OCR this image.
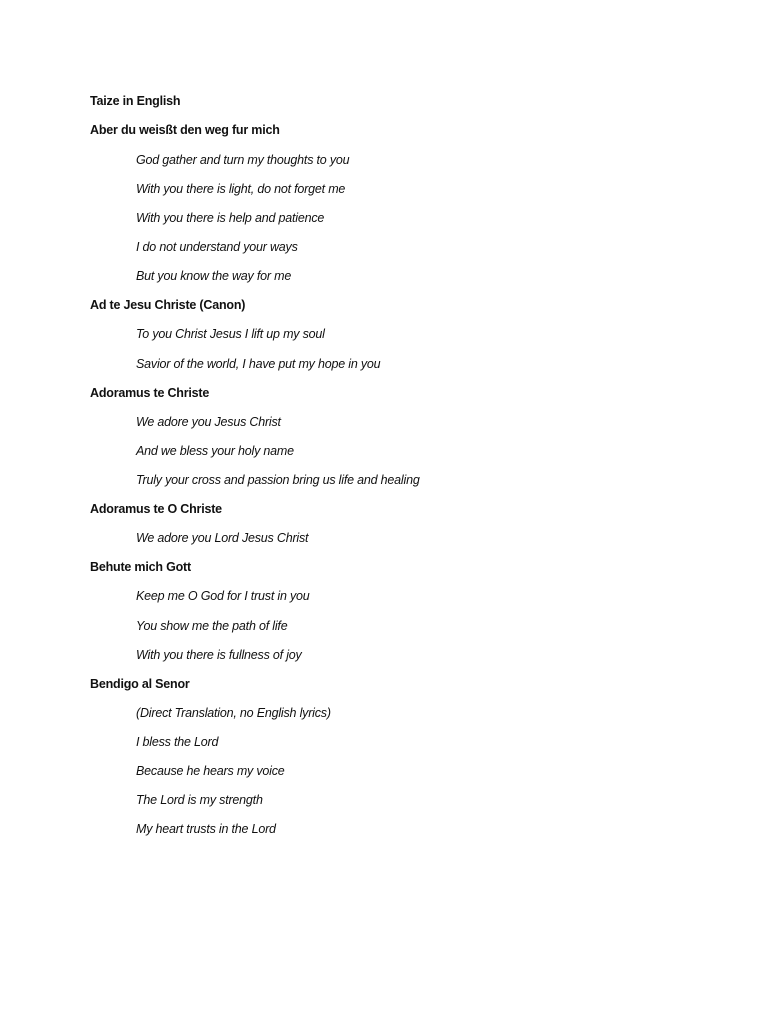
Taize in English
Aber du weisßt den weg fur mich
God gather and turn my thoughts to you
With you there is light, do not forget me
With you there is help and patience
I do not understand your ways
But you know the way for me
Ad te Jesu Christe (Canon)
To you Christ Jesus I lift up my soul
Savior of the world, I have put my hope in you
Adoramus te Christe
We adore you Jesus Christ
And we bless your holy name
Truly your cross and passion bring us life and healing
Adoramus te O Christe
We adore you Lord Jesus Christ
Behute mich Gott
Keep me O God for I trust in you
You show me the path of life
With you there is fullness of joy
Bendigo al Senor
(Direct Translation, no English lyrics)
I bless the Lord
Because he hears my voice
The Lord is my strength
My heart trusts in the Lord
